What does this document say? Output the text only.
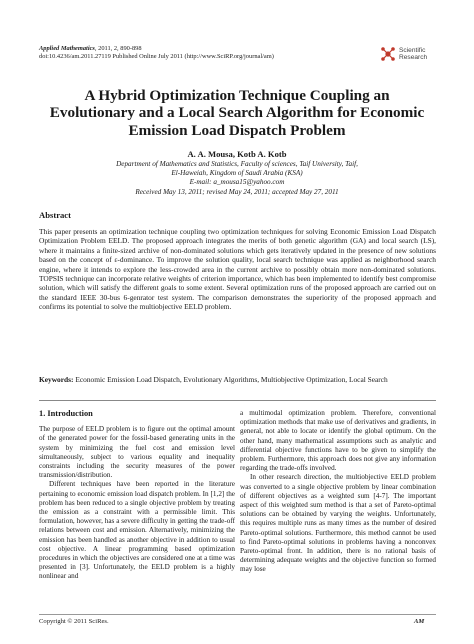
Applied Mathematics, 2011, 2, 890-898
doi:10.4236/am.2011.27119 Published Online July 2011 (http://www.SciRP.org/journal/am)
Scientific
Research
A Hybrid Optimization Technique Coupling an
Evolutionary and a Local Search Algorithm for Economic
Emission Load Dispatch Problem
A. A. Mousa, Kotb A. Kotb
Department of Mathematics and Statistics, Faculty of sciences, Taif University, Taif,
El-Haweiah, Kingdom of Saudi Arabia (KSA)
E-mail: a_mousa15@yahoo.com
Received May 13, 2011; revised May 24, 2011; accepted May 27, 2011
Abstract

This paper presents an optimization technique coupling two optimization techniques for solving Economic Emission Load Dispatch Optimization Problem EELD. The proposed approach integrates the merits of both genetic algorithm (GA) and local search (LS), where it maintains a finite-sized archive of non-dominated solutions which gets iteratively updated in the presence of new solutions based on the concept of ε-dominance. To improve the solution quality, local search technique was applied as neighborhood search engine, where it intends to explore the less-crowded area in the current archive to possibly obtain more non-dominated solutions. TOPSIS technique can incorporate relative weights of criterion importance, which has been implemented to identify best compromise solution, which will satisfy the different goals to some extent. Several optimization runs of the proposed approach are carried out on the standard IEEE 30-bus 6-genrator test system. The comparison demonstrates the superiority of the proposed approach and confirms its potential to solve the multiobjective EELD problem.

Keywords: Economic Emission Load Dispatch, Evolutionary Algorithms, Multiobjective Optimization, Local Search

1. Introduction

The purpose of EELD problem is to figure out the optimal amount of the generated power for the fossil-based generating units in the system by minimizing the fuel cost and emission level simultaneously, subject to various equality and inequality constraints including the security measures of the power transmission/distribution.

Different techniques have been reported in the literature pertaining to economic emission load dispatch problem. In [1,2] the problem has been reduced to a single objective problem by treating the emission as a constraint with a permissible limit. This formulation, however, has a severe difficulty in getting the trade-off relations between cost and emission. Alternatively, minimizing the emission has been handled as another objective in addition to usual cost objective. A linear programming based optimization procedures in which the objectives are considered one at a time was presented in [3]. Unfortunately, the EELD problem is a highly nonlinear and

a multimodal optimization problem. Therefore, conventional optimization methods that make use of derivatives and gradients, in general, not able to locate or identify the global optimum. On the other hand, many mathematical assumptions such as analytic and differential objective functions have to be given to simplify the problem. Furthermore, this approach does not give any information regarding the trade-offs involved.

In other research direction, the multiobjective EELD problem was converted to a single objective problem by linear combination of different objectives as a weighted sum [4-7]. The important aspect of this weighted sum method is that a set of Pareto-optimal solutions can be obtained by varying the weights. Unfortunately, this requires multiple runs as many times as the number of desired Pareto-optimal solutions. Furthermore, this method cannot be used to find Pareto-optimal solutions in problems having a nonconvex Pareto-optimal front. In addition, there is no rational basis of determining adequate weights and the objective function so formed may lose

Copyright © 2011 SciRes.	AM
